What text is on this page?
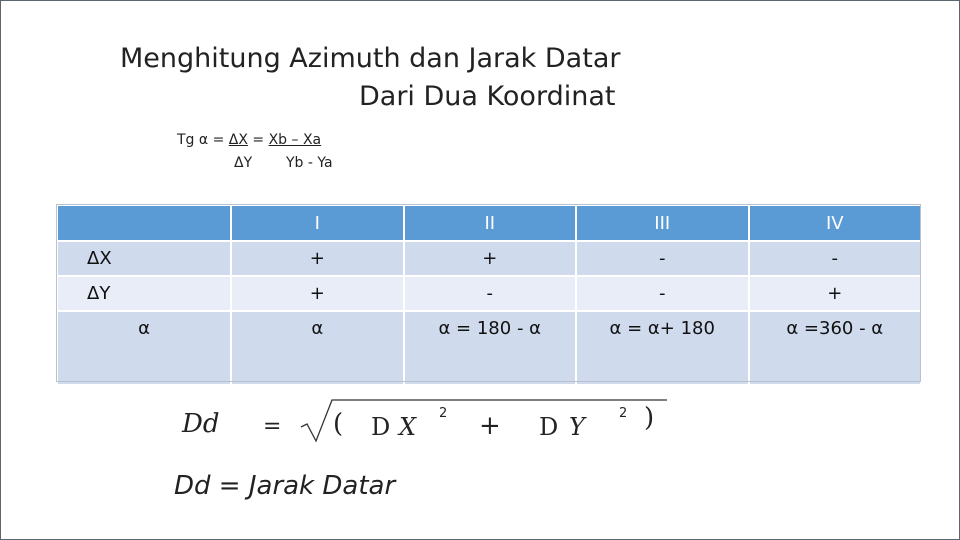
Menghitung Azimuth dan Jarak Datar
Dari Dua Koordinat
Tg α = ΔX = Xb – Xa
ΔY Yb - Ya
	I	II	III	IV
ΔX	+	+	-	-
ΔY	+	-	-	+
α	α	α = 180 - α	α = α+ 180	α =360 - α
Dd = ( D X 2 + D Y	2 )
Dd = Jarak Datar
